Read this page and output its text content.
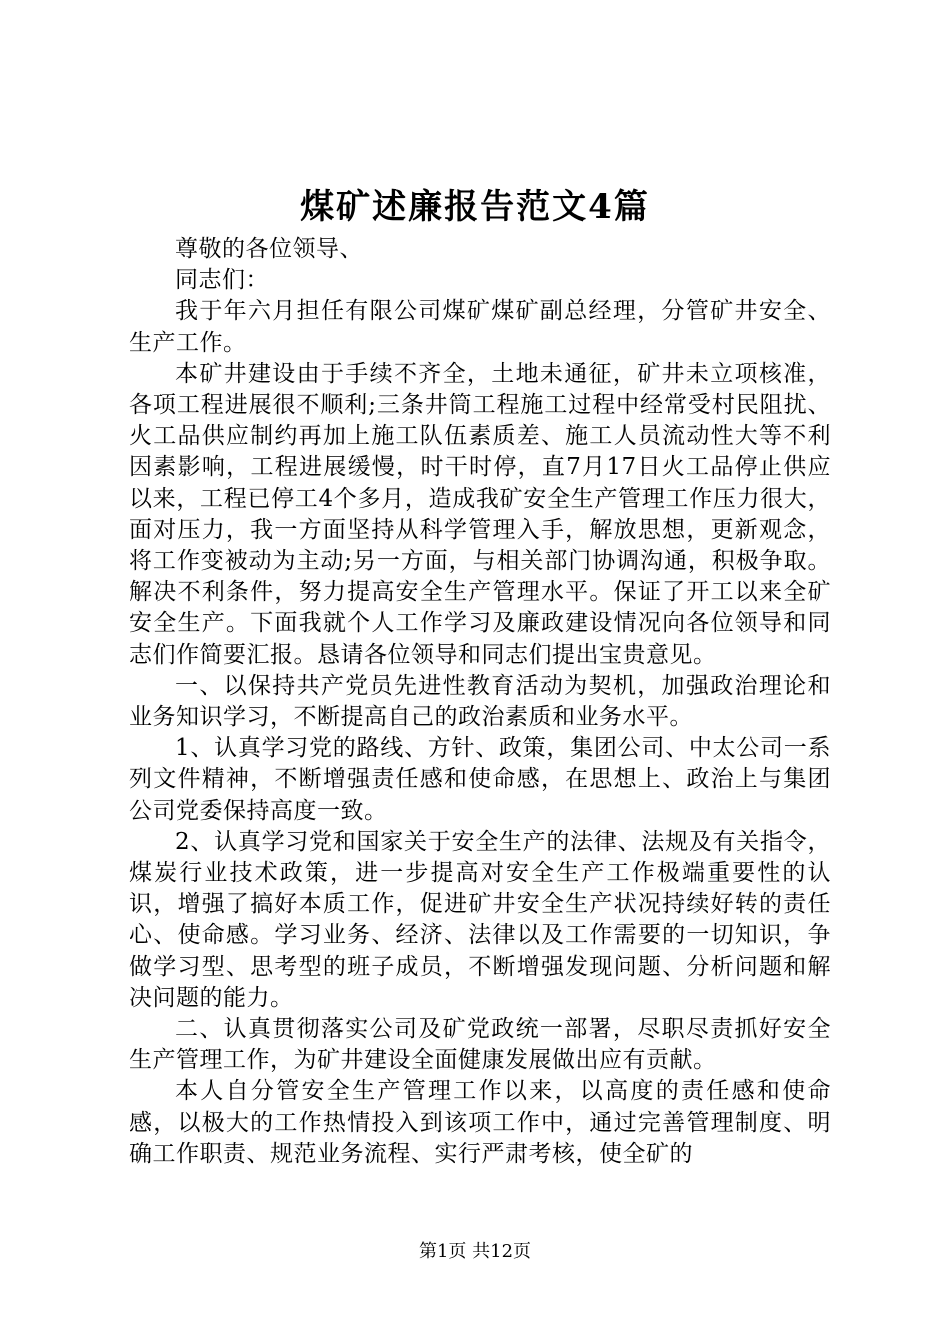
煤矿述廉报告范文4篇

尊敬的各位领导、

同志们：

我于年六月担任有限公司煤矿煤矿副总经理，分管矿井安全、生产工作。

本矿井建设由于手续不齐全，土地未通征，矿井未立项核准，各项工程进展很不顺利;三条井筒工程施工过程中经常受村民阻扰、火工品供应制约再加上施工队伍素质差、施工人员流动性大等不利因素影响，工程进展缓慢，时干时停，直7月17日火工品停止供应以来，工程已停工4个多月，造成我矿安全生产管理工作压力很大，面对压力，我一方面坚持从科学管理入手，解放思想，更新观念，将工作变被动为主动;另一方面，与相关部门协调沟通，积极争取。解决不利条件，努力提高安全生产管理水平。保证了开工以来全矿安全生产。下面我就个人工作学习及廉政建设情况向各位领导和同志们作简要汇报。恳请各位领导和同志们提出宝贵意见。

一、以保持共产党员先进性教育活动为契机，加强政治理论和业务知识学习，不断提高自己的政治素质和业务水平。

1、认真学习党的路线、方针、政策，集团公司、中太公司一系列文件精神，不断增强责任感和使命感，在思想上、政治上与集团公司党委保持高度一致。

2、认真学习党和国家关于安全生产的法律、法规及有关指令，煤炭行业技术政策，进一步提高对安全生产工作极端重要性的认识，增强了搞好本质工作，促进矿井安全生产状况持续好转的责任心、使命感。学习业务、经济、法律以及工作需要的一切知识，争做学习型、思考型的班子成员，不断增强发现问题、分析问题和解决问题的能力。

二、认真贯彻落实公司及矿党政统一部署，尽职尽责抓好安全生产管理工作，为矿井建设全面健康发展做出应有贡献。

本人自分管安全生产管理工作以来，以高度的责任感和使命感，以极大的工作热情投入到该项工作中，通过完善管理制度、明确工作职责、规范业务流程、实行严肃考核，使全矿的

第1页 共12页
